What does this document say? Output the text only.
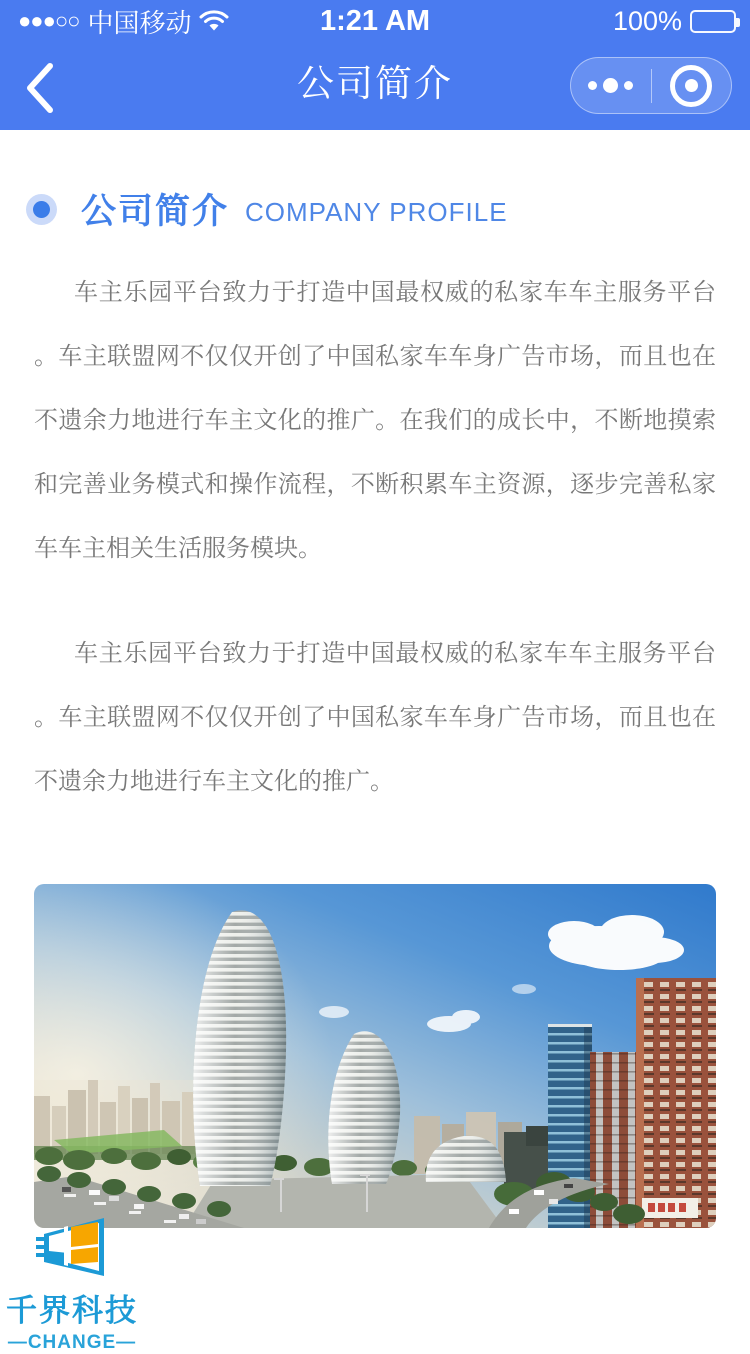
●●●○○ 中国移动	1:21 AM	100%
公司简介
公司简介 COMPANY PROFILE
车主乐园平台致力于打造中国最权威的私家车车主服务平台
。车主联盟网不仅仅开创了中国私家车车身广告市场，而且也在
不遗余力地进行车主文化的推广。在我们的成长中，不断地摸索
和完善业务模式和操作流程，不断积累车主资源，逐步完善私家
车车主相关生活服务模块。
车主乐园平台致力于打造中国最权威的私家车车主服务平台
。车主联盟网不仅仅开创了中国私家车车身广告市场，而且也在
不遗余力地进行车主文化的推广。
千界科技
—CHANGE—
